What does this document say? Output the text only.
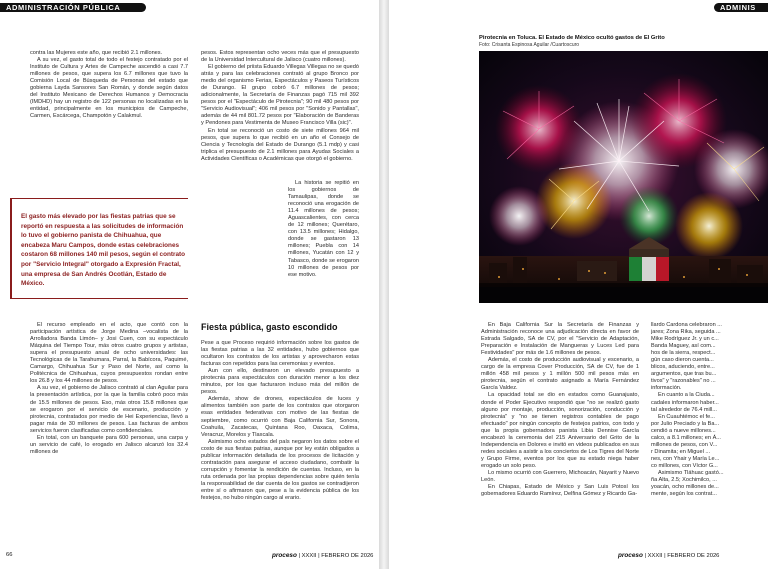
ADMINISTRACIÓN PÚBLICA

contra las Mujeres este año, que recibió 2.1 millones.

A su vez, el gasto total de todo el festejo contratado por el Instituto de Cultura y Artes de Campeche ascendió a casi 7.7 millones de pesos, que supera los 6.7 millones que tuvo la Comisión Local de Búsqueda de Personas del estado que gobierna Layda Sansores San Román, y donde según datos del Instituto Mexicano de Derechos Humanos y Democracia (IMDHD) hay un registro de 122 personas no localizadas en la entidad, principalmente en los municipios de Campeche, Carmen, Escárcega, Champotón y Calakmul.

El gasto más elevado por las fiestas patrias que se reportó en respuesta a las solicitudes de información lo tuvo el gobierno panista de Chihuahua, que encabeza Maru Campos, donde estas celebraciones costaron 68 millones 140 mil pesos, según el contrato por "Servicio Integral" otorgado a Expresión Fractal, una empresa de San Andrés Ocotlán, Estado de México.

pesos. Estos representan ocho veces más que el presupuesto de la Universidad Intercultural de Jalisco (cuatro millones).

El gobierno del priista Eduardo Villegas Villegas no se quedó atrás y para las celebraciones contrató al grupo Bronco por medio del organismo Ferias, Espectáculos y Paseos Turísticos de Durango. El grupo cobró 6.7 millones de pesos; adicionalmente, la Secretaría de Finanzas pagó 715 mil 392 pesos por el "Espectáculo de Pirotecnia"; 90 mil 480 pesos por "Servicio Audiovisual"; 406 mil pesos por "Sonido y Pantallas", además de 44 mil 801.72 pesos por "Elaboración de Banderas y Pendones para Vestimenta de Museo Francisco Villa (sic)".

En total se reconoció un costo de siete millones 964 mil pesos, que supera lo que recibió en un año el Consejo de Ciencia y Tecnología del Estado de Durango (5.1 mdp) y casi triplica el presupuesto de 2.1 millones para Ayudas Sociales a Actividades Científicas o Académicas que otorgó el gobierno.

La historia se repitió en los gobiernos de Tamaulipas, donde se reconoció una erogación de 11.4 millones de pesos; Aguascalientes, con cerca de 12 millones; Querétaro, con 13.5 millones; Hidalgo, donde se gastaron 13 millones; Puebla con 14 millones, Yucatán con 12 y Tabasco, donde se erogaron 10 millones de pesos por ese motivo.

Fiesta pública, gasto escondido

El recurso empleado en el acto, que contó con la participación artística de Jorge Medina –vocalista de la Arrolladora Banda Limón– y Josi Cuen, con su espectáculo Máquina del Tiempo Tour, más otros cuatro grupos y artistas, supera el presupuesto anual de ocho universidades: las Tecnológicas de la Tarahumara, Parral, la Babícora, Paquimé, Camargo, Chihuahua Sur y Paso del Norte, así como la Politécnica de Chihuahua, cuyos presupuestos rondan entre los 26.8 y los 44 millones de pesos.

A su vez, el gobierno de Jalisco contrató al clan Aguilar para la presentación artística, por la que la familia cobró poco más de 15.5 millones de pesos. Eso, más otros 15.8 millones que se erogaron por el servicio de escenario, producción y pirotecnia, contratados por medio de Hei Experiencias, llevó a pagar más de 30 millones de pesos. Las facturas de ambos servicios fueron clasificadas como confidenciales.

En total, con un banquete para 600 personas, una carpa y un servicio de café, lo erogado en Jalisco alcanzó los 32.4 millones de

Pese a que Proceso requirió información sobre los gastos de las fiestas patrias a las 32 entidades, hubo gobiernos que ocultaron los contratos de los artistas y aprovecharon estas facturas con repetidos para las ceremonias y eventos.

Aun con ello, destinaron un elevado presupuesto a pirotecnia para espectáculos con duración menor a los diez minutos, por los que facturaron incluso más del millón de pesos.

Además, show de drones, espectáculos de luces y alimentos también son parte de los contratos que otorgaron esas entidades federativas con motivo de las fiestas de septiembre, como ocurrió con Baja California Sur, Sonora, Coahuila, Zacatecas, Quintana Roo, Oaxaca, Colima, Veracruz, Morelos y Tlaxcala.

Asimismo ocho estados del país negaron los datos sobre el costo de sus fiestas patrias, aunque por ley están obligados a publicar información detallada de los procesos de licitación y contratación para asegurar el acceso ciudadano, combatir la corrupción y fomentar la rendición de cuentas. Incluso, en la ruta ordenada por las propias dependencias sobre quién tenía la responsabilidad de dar cuenta de los gastos se contradijeron entre sí o afirmaron que, pese a la evidencia pública de los festejos, no hubo ningún cargo al erario.

66	proceso | XXXII | FEBRERO DE 2026
ADMINIS
Pirotecnia en Toluca. El Estado de México ocultó gastos de El Grito
Foto: Crisanta Espinosa Aguilar /Cuartoscuro

En Baja California Sur la Secretaría de Finanzas y Administración reconoce una adjudicación directa en favor de Estrada Salgado, SA de CV, por el "Servicio de Adaptación, Preparación e Instalación de Mangueras y Luces Led para Festividades" por más de 1.6 millones de pesos.

Además, el costo de producción audiovisual y escenario, a cargo de la empresa Cover Producción, SA de CV, fue de 1 millón 458 mil pesos y 1 millón 500 mil pesos más en pirotecnia, según el contrato asignado a María Fernández García Valdez.

La opacidad total se dio en estados como Guanajuato, donde el Poder Ejecutivo respondió que "no se realizó gasto alguno por montaje, producción, sonorización, conducción y pirotecnia" y "no se tienen registros contables de pago efectuado" por ningún concepto de festejos patrios, con todo y que la propia gobernadora panista Libia Dennise García encabezó la ceremonia del 215 Aniversario del Grito de la Independencia en Dolores e invitó en videos publicados en sus redes sociales a asistir a los conciertos de Los Tigres del Norte y Grupo Firme, eventos por los que su estado niega haber erogado un solo peso.

Lo mismo ocurrió con Guerrero, Michoacán, Nayarit y Nuevo León.

En Chiapas, Estado de México y San Luis Potosí los gobernadores Eduardo Ramírez, Delfina Gómez y Ricardo Ga-

llardo Cardona celebraron ...

jares; Zona Rika, seguida ...

Mike Rodríguez Jr. y un c...

Banda Maguey, así com...

hos de la sierra, respect...

gún caso dieron cuenta...

blicos, aduciendo, entre...

argumentos, que tras bu...

tivos" y "razonables" no ...

información.

En cuanto a la Ciuda...

cadales informaron haber...

tal alrededor de 76.4 mill...

En Cuauhtémoc el fe...

por Julio Preciado y la Ba...

cendió a nueve millones...

calco, a 8.1 millones; en Á...

millones de pesos, con V...

r Dinamita; en Miguel ...

nes, con Yhair y María Le...

co millones, con Víctor G...

Asimismo Tláhuac gastó...

ña Alta, 2.5; Xochimilco, ...

yoacán, ocho millones de...

mente, según los contrat...

proceso | XXXII | FEBRERO DE 2026
